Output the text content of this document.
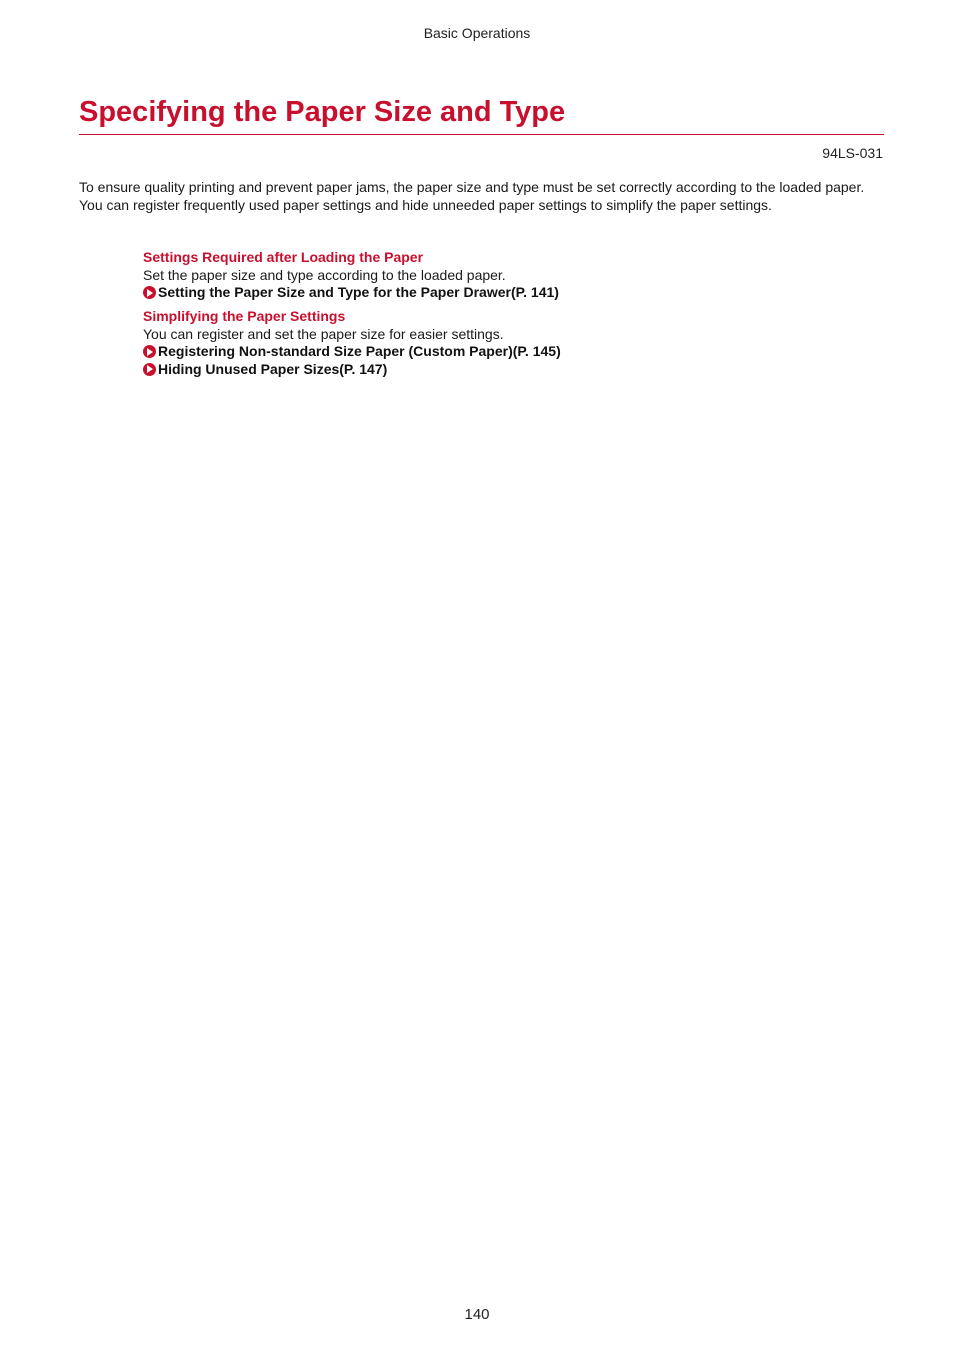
Basic Operations
Specifying the Paper Size and Type
94LS-031

To ensure quality printing and prevent paper jams, the paper size and type must be set correctly according to the loaded paper.

You can register frequently used paper settings and hide unneeded paper settings to simplify the paper settings.

Settings Required after Loading the Paper
Set the paper size and type according to the loaded paper.
Setting the Paper Size and Type for the Paper Drawer(P. 141)
Simplifying the Paper Settings
You can register and set the paper size for easier settings.
Registering Non-standard Size Paper (Custom Paper)(P. 145)
Hiding Unused Paper Sizes(P. 147)
140
